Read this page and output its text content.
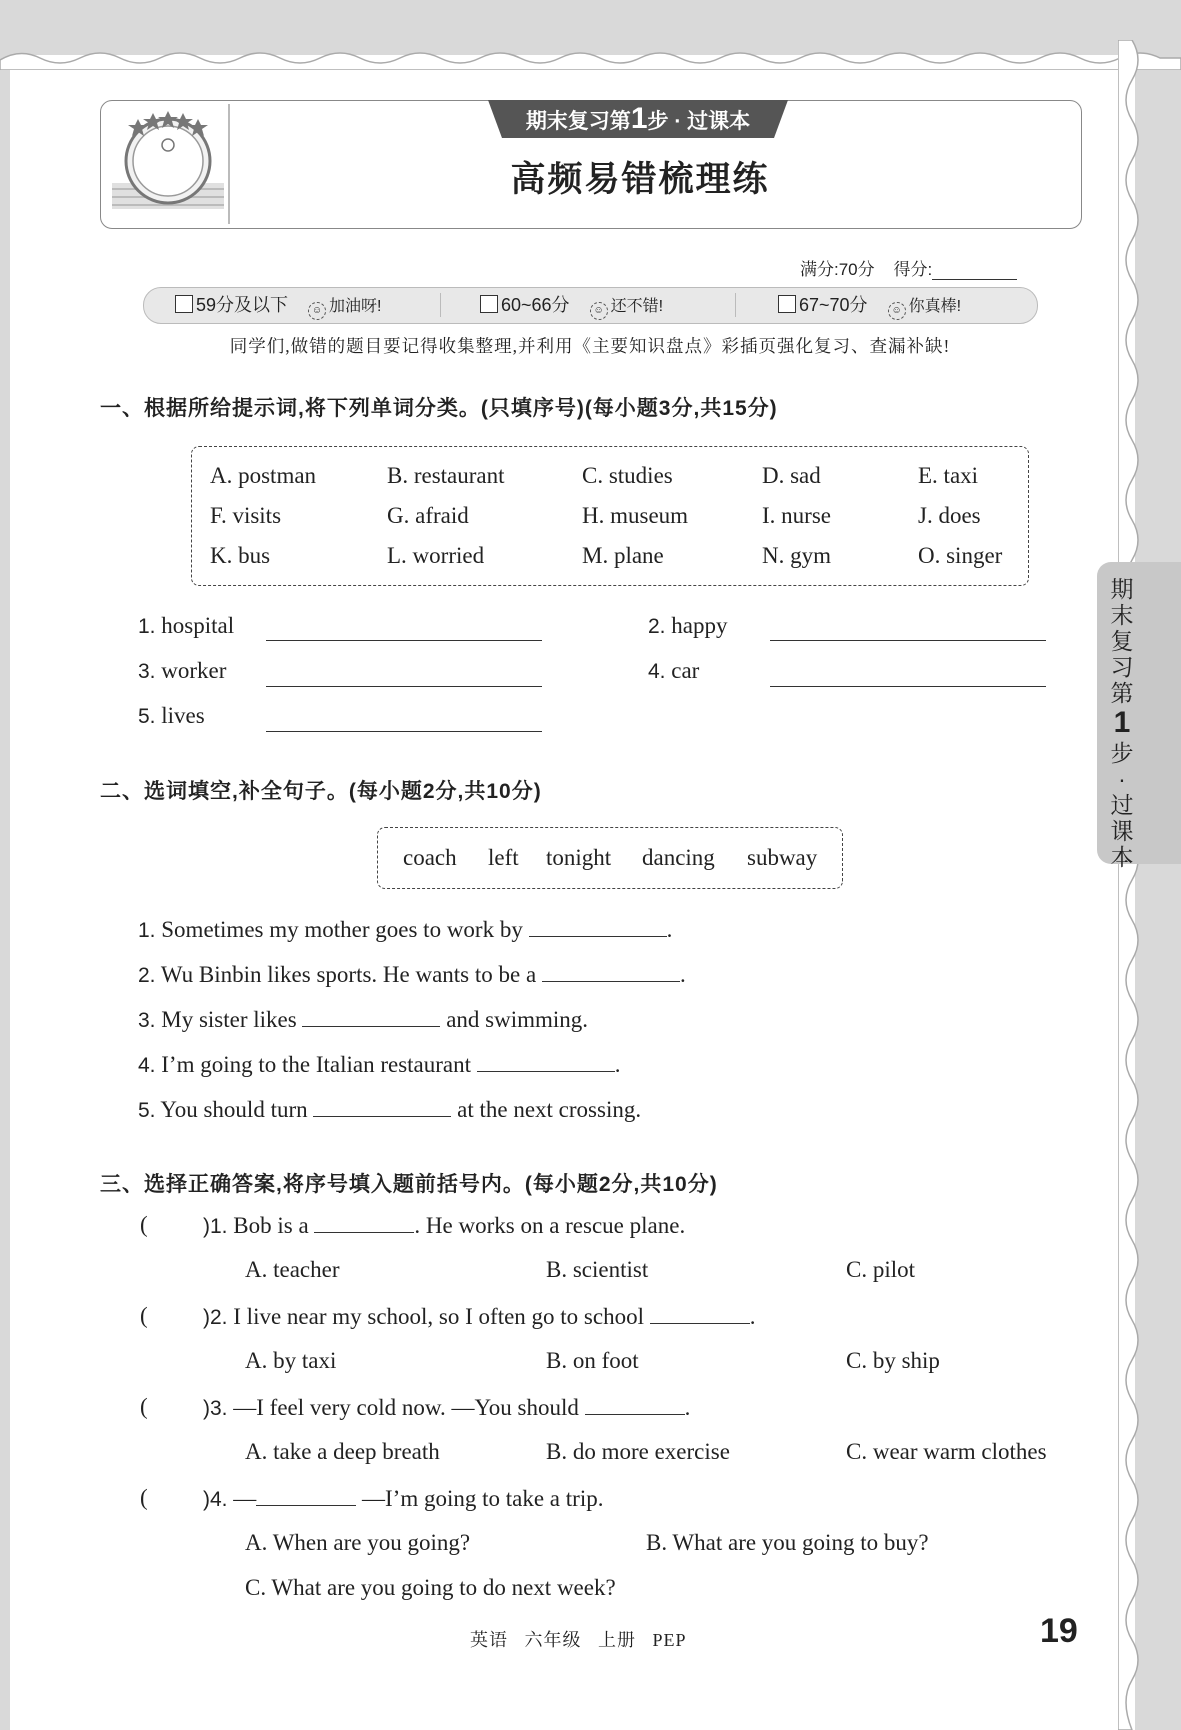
期末复习第1步 · 过课本
高频易错梳理练
满分:70分 得分:
59分及以下 ☺ 加油呀!	60~66分 ☺ 还不错!	67~70分 ☺ 你真棒!
同学们,做错的题目要记得收集整理,并利用《主要知识盘点》彩插页强化复习、查漏补缺!
一、根据所给提示词,将下列单词分类。(只填序号)(每小题3分,共15分)
A. postman	B. restaurant	C. studies	D. sad	E. taxi
F. visits	G. afraid	H. museum	I. nurse	J. does
K. bus	L. worried	M. plane	N. gym	O. singer
1. hospital	2. happy
3. worker	4. car
5. lives
二、选词填空,补全句子。(每小题2分,共10分)
coach left tonight dancing subway
1. Sometimes my mother goes to work by	.
2. Wu Binbin likes sports. He wants to be a	.
3. My sister likes	and swimming.
4. I’m going to the Italian restaurant	.
5. You should turn	at the next crossing.
三、选择正确答案,将序号填入题前括号内。(每小题2分,共10分)
(	)1. Bob is a	. He works on a rescue plane.
A. teacher	B. scientist	C. pilot
(	)2. I live near my school, so I often go to school	.
A. by taxi	B. on foot	C. by ship
(	)3. —I feel very cold now. —You should	.
A. take a deep breath	B. do more exercise	C. wear warm clothes
(	)4. —	—I’m going to take a trip.
A. When are you going?	B. What are you going to buy?
C. What are you going to do next week?
期
末
复
习
第
1
步
·
过
课
本
英语   六年级   上册   PEP	19
